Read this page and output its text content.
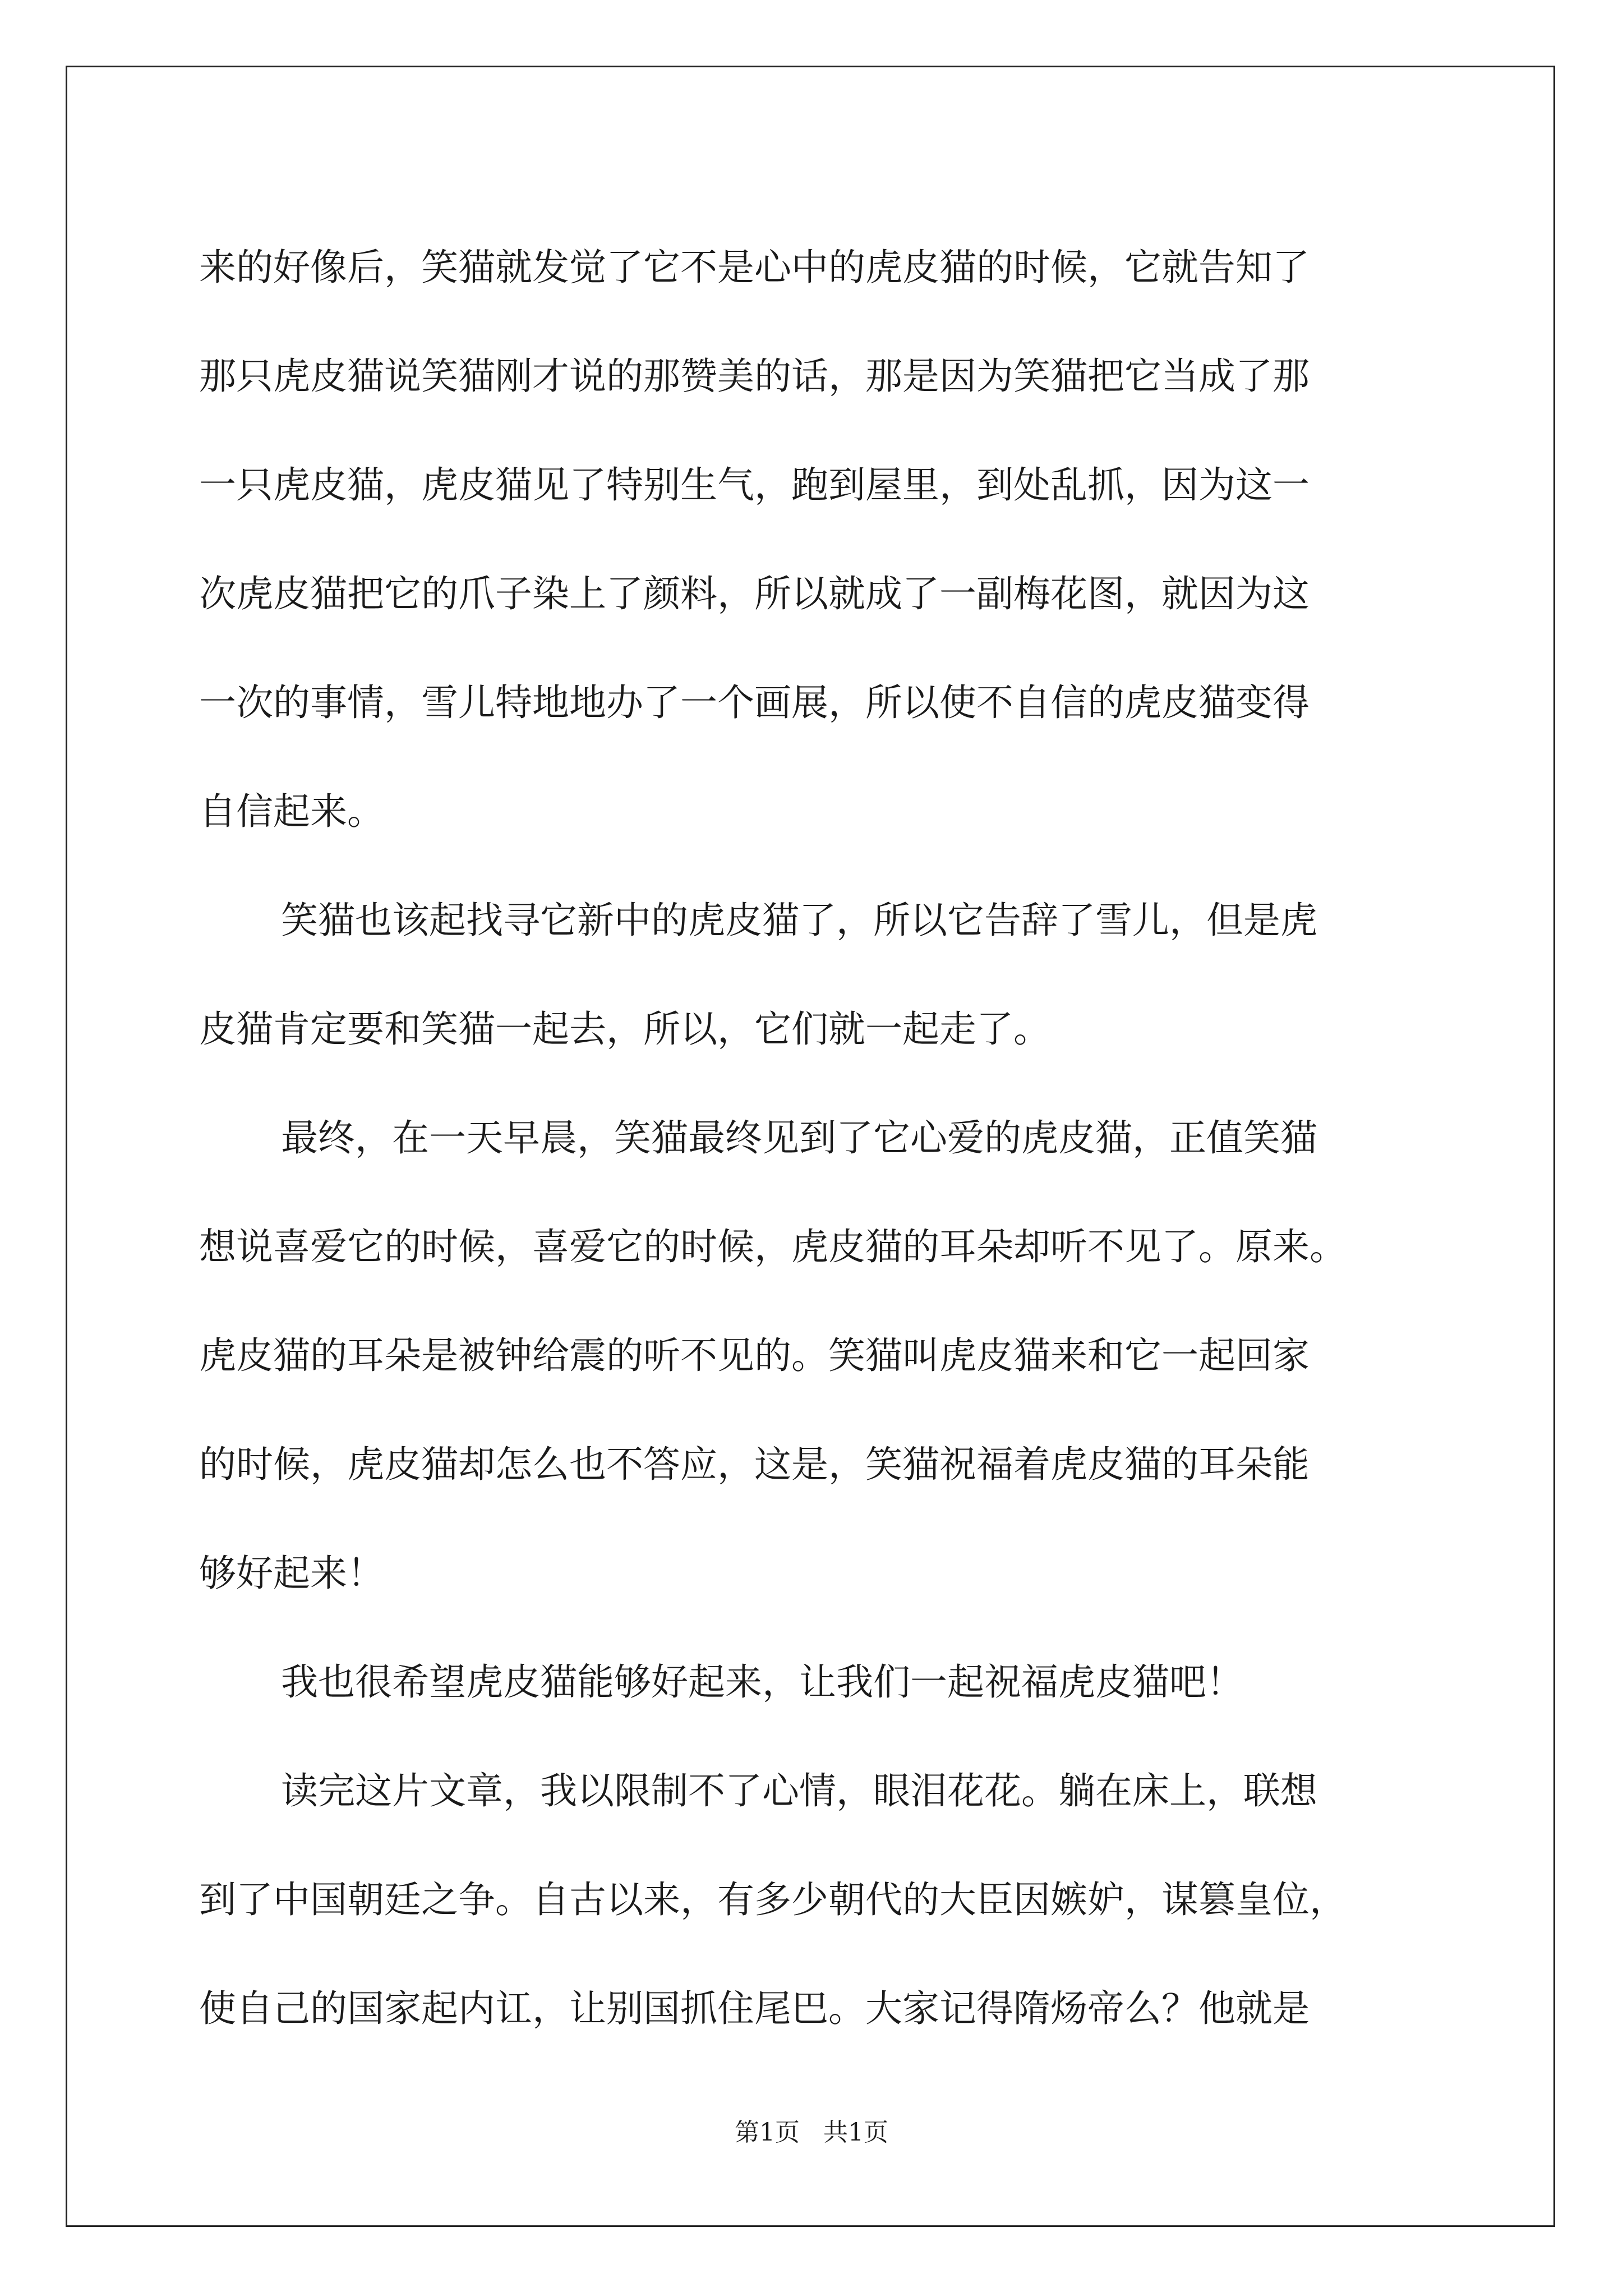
来的好像后，笑猫就发觉了它不是心中的虎皮猫的时候，它就告知了
那只虎皮猫说笑猫刚才说的那赞美的话，那是因为笑猫把它当成了那
一只虎皮猫，虎皮猫见了特别生气，跑到屋里，到处乱抓，因为这一
次虎皮猫把它的爪子染上了颜料，所以就成了一副梅花图，就因为这
一次的事情，雪儿特地地办了一个画展，所以使不自信的虎皮猫变得
自信起来。
笑猫也该起找寻它新中的虎皮猫了，所以它告辞了雪儿，但是虎
皮猫肯定要和笑猫一起去，所以，它们就一起走了。
最终，在一天早晨，笑猫最终见到了它心爱的虎皮猫，正值笑猫
想说喜爱它的时候，喜爱它的时候，虎皮猫的耳朵却听不见了。原来。
虎皮猫的耳朵是被钟给震的听不见的。笑猫叫虎皮猫来和它一起回家
的时候，虎皮猫却怎么也不答应，这是，笑猫祝福着虎皮猫的耳朵能
够好起来！
我也很希望虎皮猫能够好起来，让我们一起祝福虎皮猫吧！
读完这片文章，我以限制不了心情，眼泪花花。躺在床上，联想
到了中国朝廷之争。自古以来，有多少朝代的大臣因嫉妒，谋篡皇位，
使自己的国家起内讧，让别国抓住尾巴。大家记得隋炀帝么？他就是
第1页 共1页
